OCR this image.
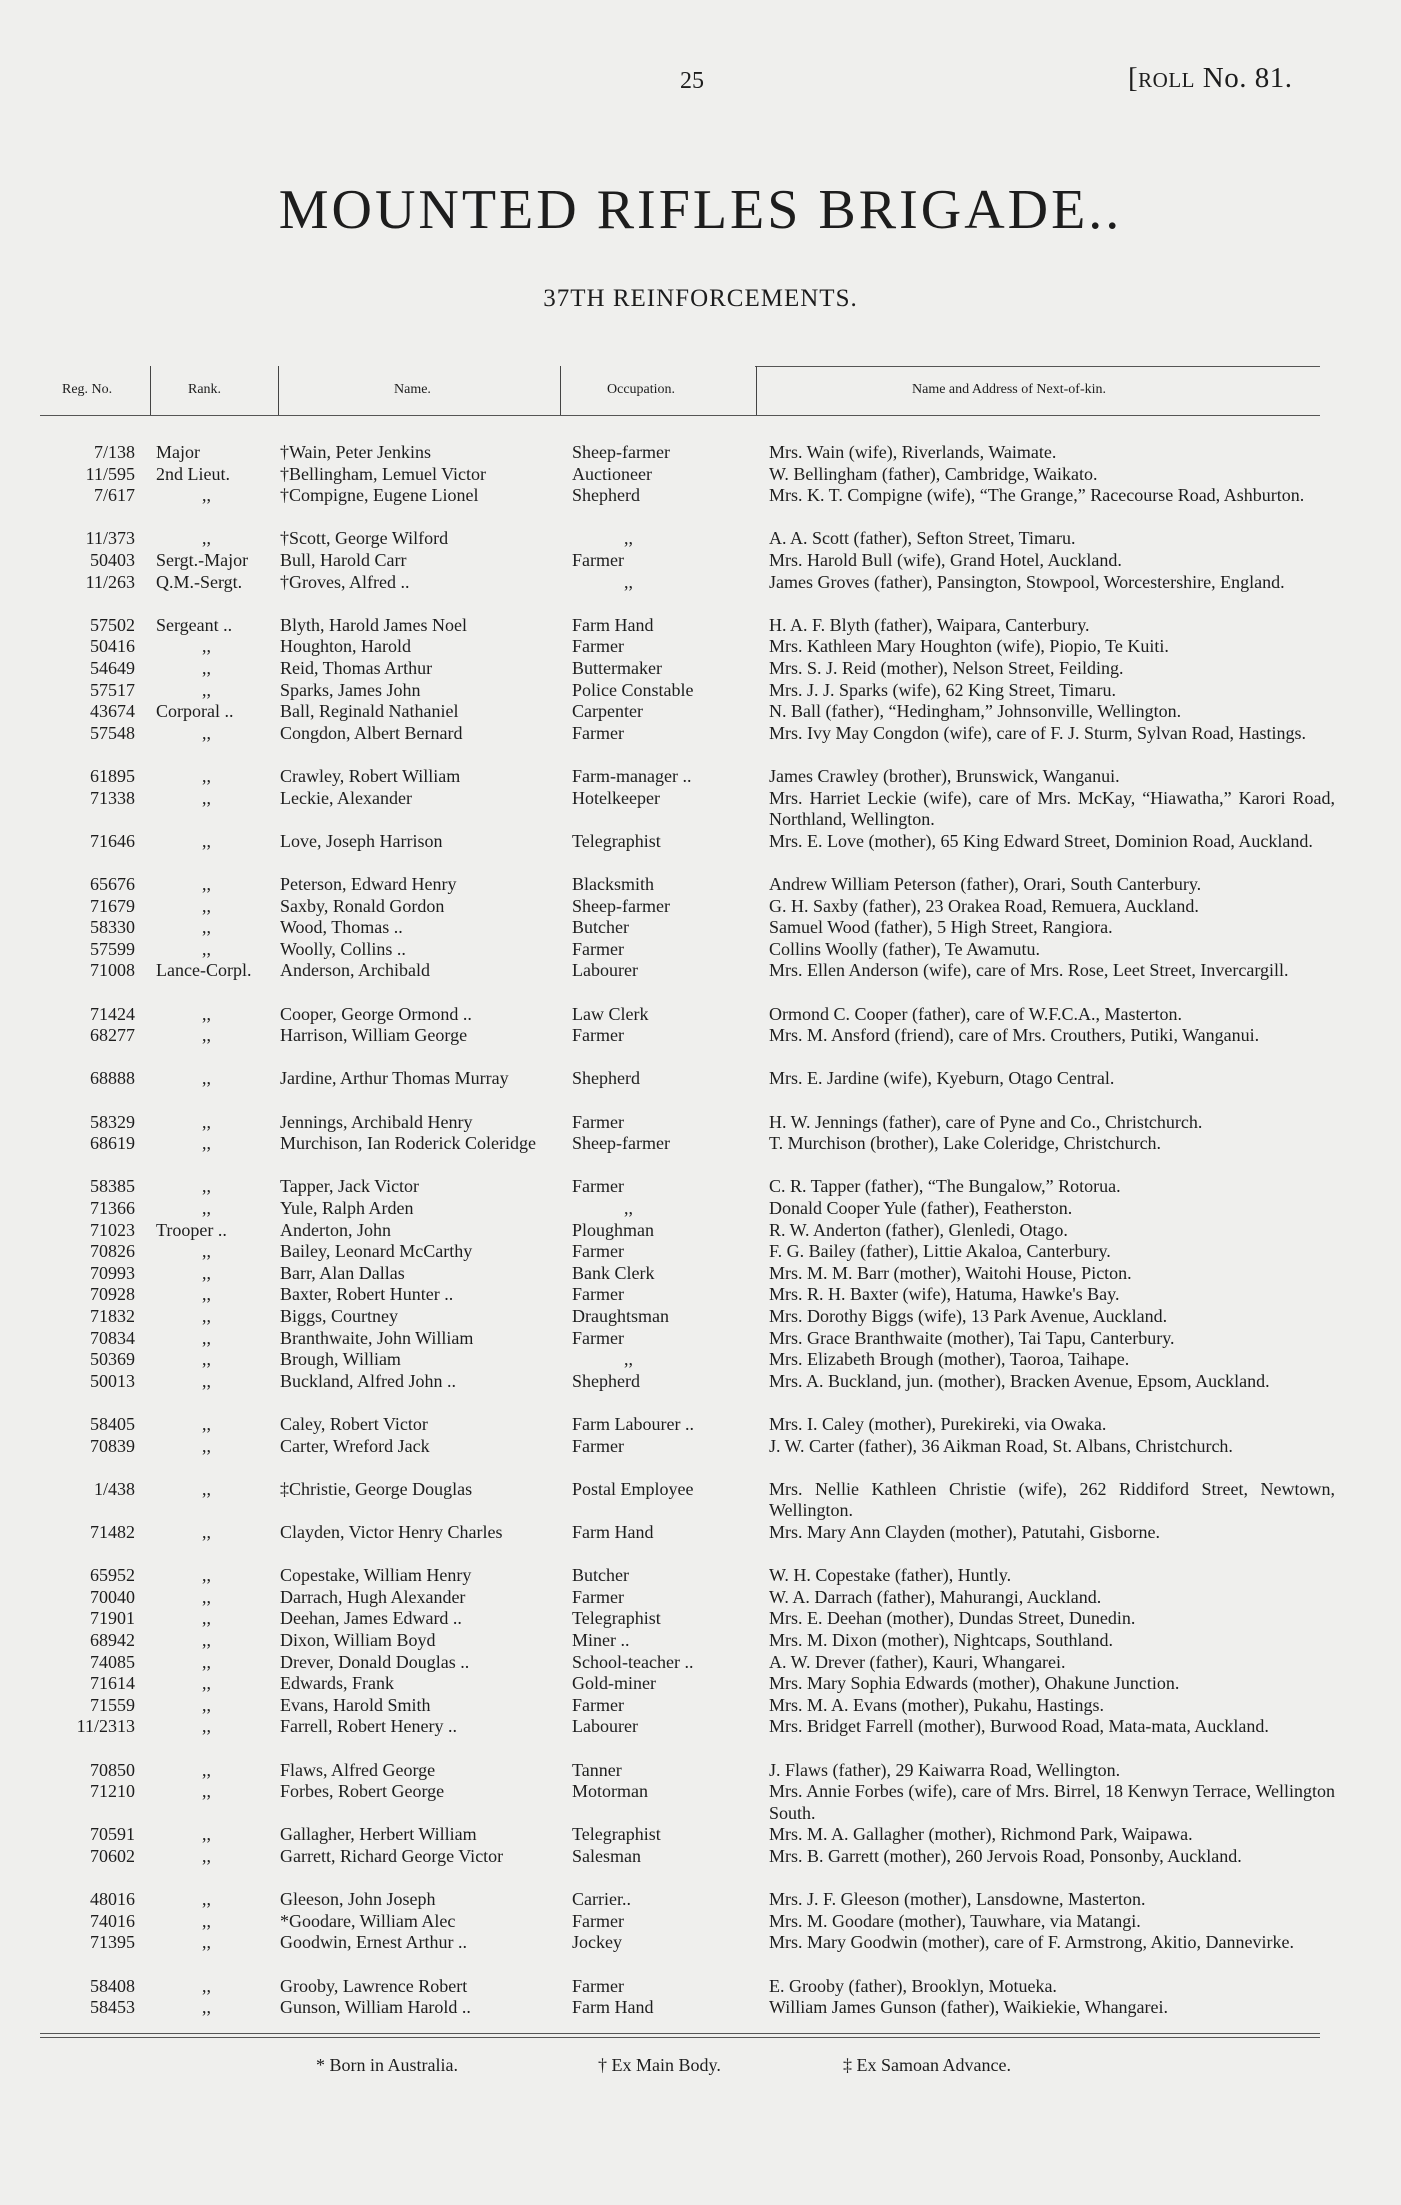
25	[ROLL No. 81.
MOUNTED RIFLES BRIGADE..
37TH REINFORCEMENTS.
Reg. No.	Rank.	Name.	Occupation.	Name and Address of Next-of-kin.
7/138 Major	†Wain, Peter Jenkins	Sheep-farmer	Mrs. Wain (wife), Riverlands, Waimate.
11/595 2nd Lieut.	†Bellingham, Lemuel Victor	Auctioneer	W. Bellingham (father), Cambridge, Waikato.
7/617	,,	†Compigne, Eugene Lionel	Shepherd	Mrs. K. T. Compigne (wife), “The Grange,” Racecourse Road, Ashburton.
11/373	,,	†Scott, George Wilford	,,	A. A. Scott (father), Sefton Street, Timaru.
50403 Sergt.-Major	Bull, Harold Carr	Farmer	Mrs. Harold Bull (wife), Grand Hotel, Auckland.
11/263 Q.M.-Sergt.	†Groves, Alfred ..	,,	James Groves (father), Pansington, Stowpool, Worcestershire, England.
57502 Sergeant ..	Blyth, Harold James Noel	Farm Hand	H. A. F. Blyth (father), Waipara, Canterbury.
50416	,,	Houghton, Harold	Farmer	Mrs. Kathleen Mary Houghton (wife), Piopio, Te Kuiti.
54649	,,	Reid, Thomas Arthur	Buttermaker	Mrs. S. J. Reid (mother), Nelson Street, Feilding.
57517	,,	Sparks, James John	Police Constable	Mrs. J. J. Sparks (wife), 62 King Street, Timaru.
43674 Corporal ..	Ball, Reginald Nathaniel	Carpenter	N. Ball (father), “Hedingham,” Johnsonville, Wellington.
57548	,,	Congdon, Albert Bernard	Farmer	Mrs. Ivy May Congdon (wife), care of F. J. Sturm, Sylvan Road, Hastings.
61895	,,	Crawley, Robert William	Farm-manager ..	James Crawley (brother), Brunswick, Wanganui.
71338	,,	Leckie, Alexander	Hotelkeeper	Mrs. Harriet Leckie (wife), care of Mrs. McKay, “Hiawatha,” Karori Road, Northland, Wellington.
71646	,,	Love, Joseph Harrison	Telegraphist	Mrs. E. Love (mother), 65 King Edward Street, Dominion Road, Auckland.
65676	,,	Peterson, Edward Henry	Blacksmith	Andrew William Peterson (father), Orari, South Canterbury.
71679	,,	Saxby, Ronald Gordon	Sheep-farmer	G. H. Saxby (father), 23 Orakea Road, Remuera, Auckland.
58330	,,	Wood, Thomas ..	Butcher	Samuel Wood (father), 5 High Street, Rangiora.
57599	,,	Woolly, Collins ..	Farmer	Collins Woolly (father), Te Awamutu.
71008 Lance-Corpl.	Anderson, Archibald	Labourer	Mrs. Ellen Anderson (wife), care of Mrs. Rose, Leet Street, Invercargill.
71424	,,	Cooper, George Ormond ..	Law Clerk	Ormond C. Cooper (father), care of W.F.C.A., Masterton.
68277	,,	Harrison, William George	Farmer	Mrs. M. Ansford (friend), care of Mrs. Crouthers, Putiki, Wanganui.
68888	,,	Jardine, Arthur Thomas Murray	Shepherd	Mrs. E. Jardine (wife), Kyeburn, Otago Central.
58329	,,	Jennings, Archibald Henry	Farmer	H. W. Jennings (father), care of Pyne and Co., Christchurch.
68619	,,	Murchison, Ian Roderick Coleridge	Sheep-farmer	T. Murchison (brother), Lake Coleridge, Christchurch.
58385	,,	Tapper, Jack Victor	Farmer	C. R. Tapper (father), “The Bungalow,” Rotorua.
71366	,,	Yule, Ralph Arden	,,	Donald Cooper Yule (father), Featherston.
71023 Trooper ..	Anderton, John	Ploughman	R. W. Anderton (father), Glenledi, Otago.
70826	,,	Bailey, Leonard McCarthy	Farmer	F. G. Bailey (father), Littie Akaloa, Canterbury.
70993	,,	Barr, Alan Dallas	Bank Clerk	Mrs. M. M. Barr (mother), Waitohi House, Picton.
70928	,,	Baxter, Robert Hunter ..	Farmer	Mrs. R. H. Baxter (wife), Hatuma, Hawke's Bay.
71832	,,	Biggs, Courtney	Draughtsman	Mrs. Dorothy Biggs (wife), 13 Park Avenue, Auckland.
70834	,,	Branthwaite, John William	Farmer	Mrs. Grace Branthwaite (mother), Tai Tapu, Canterbury.
50369	,,	Brough, William	,,	Mrs. Elizabeth Brough (mother), Taoroa, Taihape.
50013	,,	Buckland, Alfred John ..	Shepherd	Mrs. A. Buckland, jun. (mother), Bracken Avenue, Epsom, Auckland.
58405	,,	Caley, Robert Victor	Farm Labourer ..	Mrs. I. Caley (mother), Purekireki, via Owaka.
70839	,,	Carter, Wreford Jack	Farmer	J. W. Carter (father), 36 Aikman Road, St. Albans, Christchurch.
1/438	,,	‡Christie, George Douglas	Postal Employee	Mrs. Nellie Kathleen Christie (wife), 262 Riddiford Street, Newtown, Wellington.
71482	,,	Clayden, Victor Henry Charles	Farm Hand	Mrs. Mary Ann Clayden (mother), Patutahi, Gisborne.
65952	,,	Copestake, William Henry	Butcher	W. H. Copestake (father), Huntly.
70040	,,	Darrach, Hugh Alexander	Farmer	W. A. Darrach (father), Mahurangi, Auckland.
71901	,,	Deehan, James Edward ..	Telegraphist	Mrs. E. Deehan (mother), Dundas Street, Dunedin.
68942	,,	Dixon, William Boyd	Miner ..	Mrs. M. Dixon (mother), Nightcaps, Southland.
74085	,,	Drever, Donald Douglas ..	School-teacher ..	A. W. Drever (father), Kauri, Whangarei.
71614	,,	Edwards, Frank	Gold-miner	Mrs. Mary Sophia Edwards (mother), Ohakune Junction.
71559	,,	Evans, Harold Smith	Farmer	Mrs. M. A. Evans (mother), Pukahu, Hastings.
11/2313	,,	Farrell, Robert Henery ..	Labourer	Mrs. Bridget Farrell (mother), Burwood Road, Mata-mata, Auckland.
70850	,,	Flaws, Alfred George	Tanner	J. Flaws (father), 29 Kaiwarra Road, Wellington.
71210	,,	Forbes, Robert George	Motorman	Mrs. Annie Forbes (wife), care of Mrs. Birrel, 18 Kenwyn Terrace, Wellington South.
70591	,,	Gallagher, Herbert William	Telegraphist	Mrs. M. A. Gallagher (mother), Richmond Park, Waipawa.
70602	,,	Garrett, Richard George Victor	Salesman	Mrs. B. Garrett (mother), 260 Jervois Road, Ponsonby, Auckland.
48016	,,	Gleeson, John Joseph	Carrier..	Mrs. J. F. Gleeson (mother), Lansdowne, Masterton.
74016	,,	*Goodare, William Alec	Farmer	Mrs. M. Goodare (mother), Tauwhare, via Matangi.
71395	,,	Goodwin, Ernest Arthur ..	Jockey	Mrs. Mary Goodwin (mother), care of F. Armstrong, Akitio, Dannevirke.
58408	,,	Grooby, Lawrence Robert	Farmer	E. Grooby (father), Brooklyn, Motueka.
58453	,,	Gunson, William Harold ..	Farm Hand	William James Gunson (father), Waikiekie, Whangarei.
* Born in Australia.	† Ex Main Body.	‡ Ex Samoan Advance.
